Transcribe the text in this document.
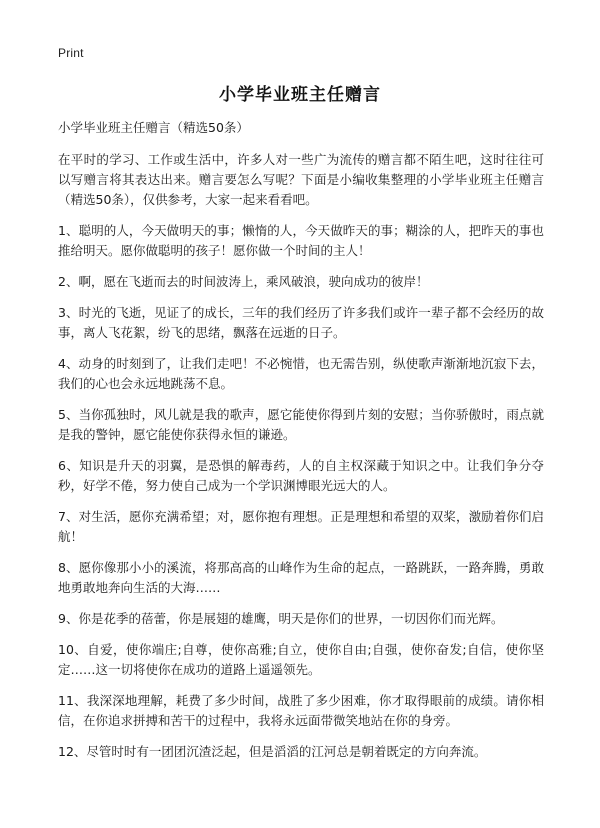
Print
小学毕业班主任赠言
小学毕业班主任赠言（精选50条）

在平时的学习、工作或生活中，许多人对一些广为流传的赠言都不陌生吧，这时往往可以写赠言将其表达出来。赠言要怎么写呢？下面是小编收集整理的小学毕业班主任赠言（精选50条），仅供参考，大家一起来看看吧。

1、聪明的人，今天做明天的事；懒惰的人，今天做昨天的事；糊涂的人，把昨天的事也推给明天。愿你做聪明的孩子！愿你做一个时间的主人！

2、啊，愿在飞逝而去的时间波涛上，乘风破浪，驶向成功的彼岸！

3、时光的飞逝，见证了的成长，三年的我们经历了许多我们或许一辈子都不会经历的故事，离人飞花絮，纷飞的思绪，飘落在远逝的日子。

4、动身的时刻到了，让我们走吧！不必惋惜，也无需告别，纵使歌声渐渐地沉寂下去，我们的心也会永远地跳荡不息。

5、当你孤独时，风儿就是我的歌声，愿它能使你得到片刻的安慰；当你骄傲时，雨点就是我的警钟，愿它能使你获得永恒的谦逊。

6、知识是升天的羽翼，是恐惧的解毒药，人的自主权深藏于知识之中。让我们争分夺秒，好学不倦，努力使自己成为一个学识渊博眼光远大的人。

7、对生活，愿你充满希望；对，愿你抱有理想。正是理想和希望的双桨，激励着你们启航！

8、愿你像那小小的溪流，将那高高的山峰作为生命的起点，一路跳跃，一路奔腾，勇敢地勇敢地奔向生活的大海……

9、你是花季的蓓蕾，你是展翅的雄鹰，明天是你们的世界，一切因你们而光辉。

10、自爱，使你端庄;自尊，使你高雅;自立，使你自由;自强，使你奋发;自信，使你坚定……这一切将使你在成功的道路上遥遥领先。

11、我深深地理解，耗费了多少时间，战胜了多少困难，你才取得眼前的成绩。请你相信，在你追求拼搏和苦干的过程中，我将永远面带微笑地站在你的身旁。

12、尽管时时有一团团沉渣泛起，但是滔滔的江河总是朝着既定的方向奔流。
